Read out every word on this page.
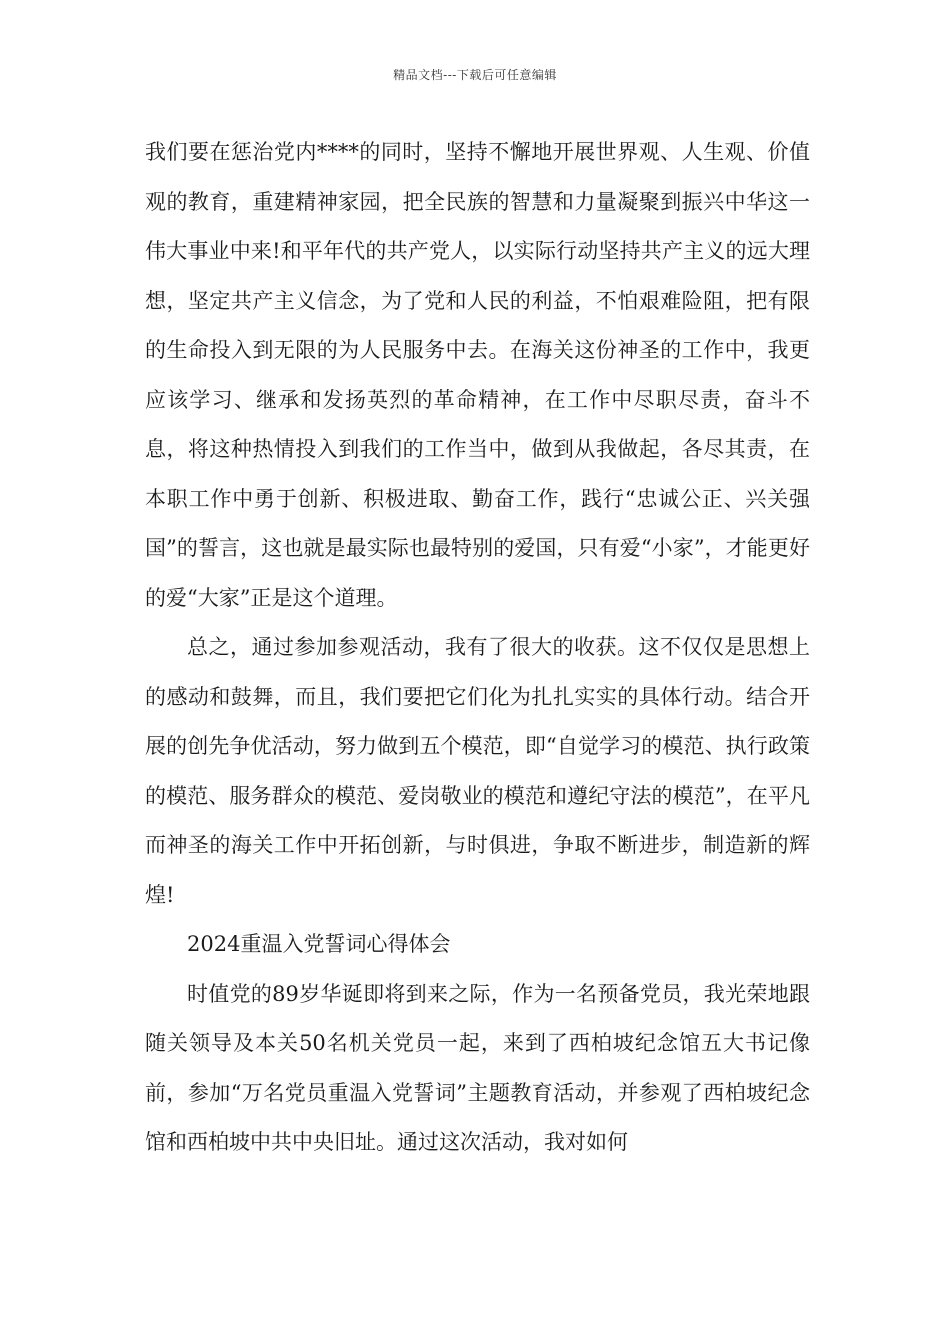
精品文档---下载后可任意编辑

我们要在惩治党内****的同时，坚持不懈地开展世界观、人生观、价值观的教育，重建精神家园，把全民族的智慧和力量凝聚到振兴中华这一伟大事业中来!和平年代的共产党人，以实际行动坚持共产主义的远大理想，坚定共产主义信念，为了党和人民的利益，不怕艰难险阻，把有限的生命投入到无限的为人民服务中去。在海关这份神圣的工作中，我更应该学习、继承和发扬英烈的革命精神，在工作中尽职尽责，奋斗不息，将这种热情投入到我们的工作当中，做到从我做起，各尽其责，在本职工作中勇于创新、积极进取、勤奋工作，践行“忠诚公正、兴关强国”的誓言，这也就是最实际也最特别的爱国，只有爱“小家”，才能更好的爱“大家”正是这个道理。

总之，通过参加参观活动，我有了很大的收获。这不仅仅是思想上的感动和鼓舞，而且，我们要把它们化为扎扎实实的具体行动。结合开展的创先争优活动，努力做到五个模范，即“自觉学习的模范、执行政策的模范、服务群众的模范、爱岗敬业的模范和遵纪守法的模范”，在平凡而神圣的海关工作中开拓创新，与时俱进，争取不断进步，制造新的辉煌!

2024重温入党誓词心得体会

时值党的89岁华诞即将到来之际，作为一名预备党员，我光荣地跟随关领导及本关50名机关党员一起，来到了西柏坡纪念馆五大书记像前，参加“万名党员重温入党誓词”主题教育活动，并参观了西柏坡纪念馆和西柏坡中共中央旧址。通过这次活动，我对如何
